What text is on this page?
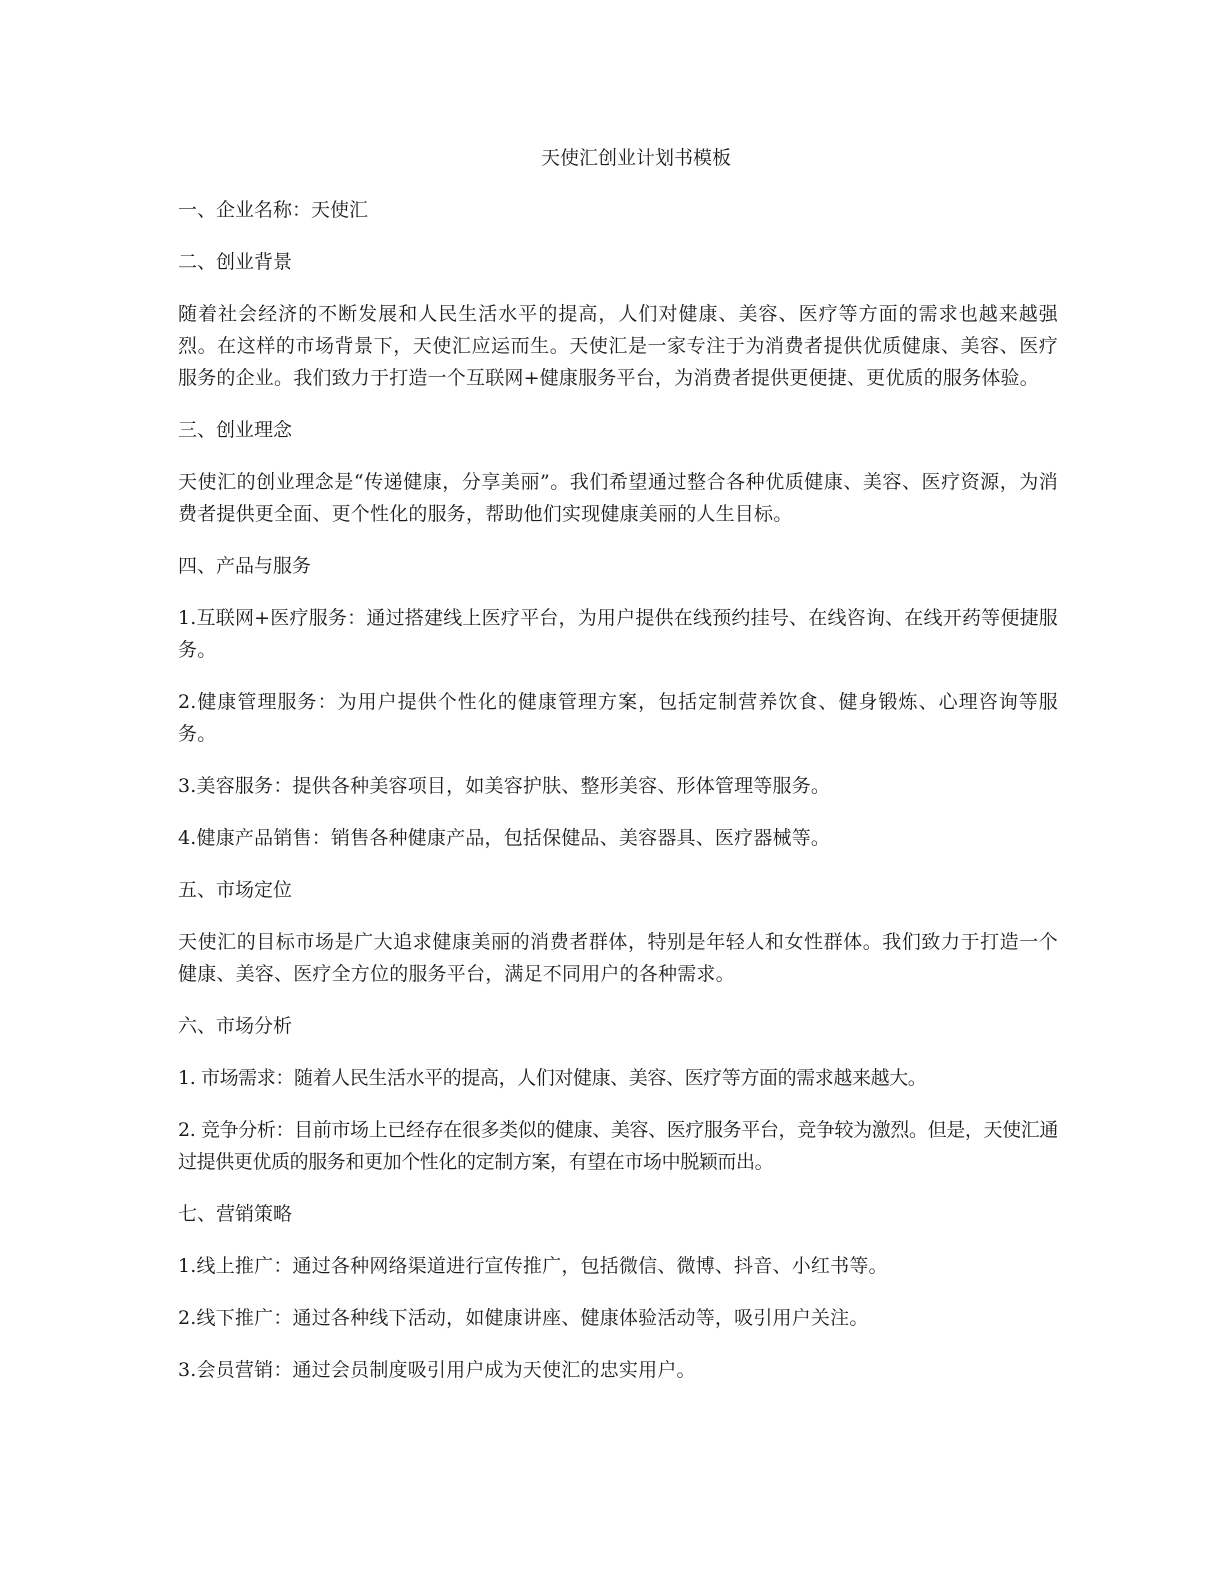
天使汇创业计划书模板
一、企业名称：天使汇
二、创业背景

随着社会经济的不断发展和人民生活水平的提高，人们对健康、美容、医疗等方面的需求也越来越强烈。在这样的市场背景下，天使汇应运而生。天使汇是一家专注于为消费者提供优质健康、美容、医疗服务的企业。我们致力于打造一个互联网+健康服务平台，为消费者提供更便捷、更优质的服务体验。

三、创业理念

天使汇的创业理念是“传递健康，分享美丽”。我们希望通过整合各种优质健康、美容、医疗资源，为消费者提供更全面、更个性化的服务，帮助他们实现健康美丽的人生目标。

四、产品与服务

1.互联网+医疗服务：通过搭建线上医疗平台，为用户提供在线预约挂号、在线咨询、在线开药等便捷服务。

2.健康管理服务：为用户提供个性化的健康管理方案，包括定制营养饮食、健身锻炼、心理咨询等服务。

3.美容服务：提供各种美容项目，如美容护肤、整形美容、形体管理等服务。

4.健康产品销售：销售各种健康产品，包括保健品、美容器具、医疗器械等。

五、市场定位

天使汇的目标市场是广大追求健康美丽的消费者群体，特别是年轻人和女性群体。我们致力于打造一个健康、美容、医疗全方位的服务平台，满足不同用户的各种需求。

六、市场分析

1. 市场需求：随着人民生活水平的提高，人们对健康、美容、医疗等方面的需求越来越大。

2. 竞争分析：目前市场上已经存在很多类似的健康、美容、医疗服务平台，竞争较为激烈。但是，天使汇通过提供更优质的服务和更加个性化的定制方案，有望在市场中脱颖而出。

七、营销策略

1.线上推广：通过各种网络渠道进行宣传推广，包括微信、微博、抖音、小红书等。

2.线下推广：通过各种线下活动，如健康讲座、健康体验活动等，吸引用户关注。

3.会员营销：通过会员制度吸引用户成为天使汇的忠实用户。
